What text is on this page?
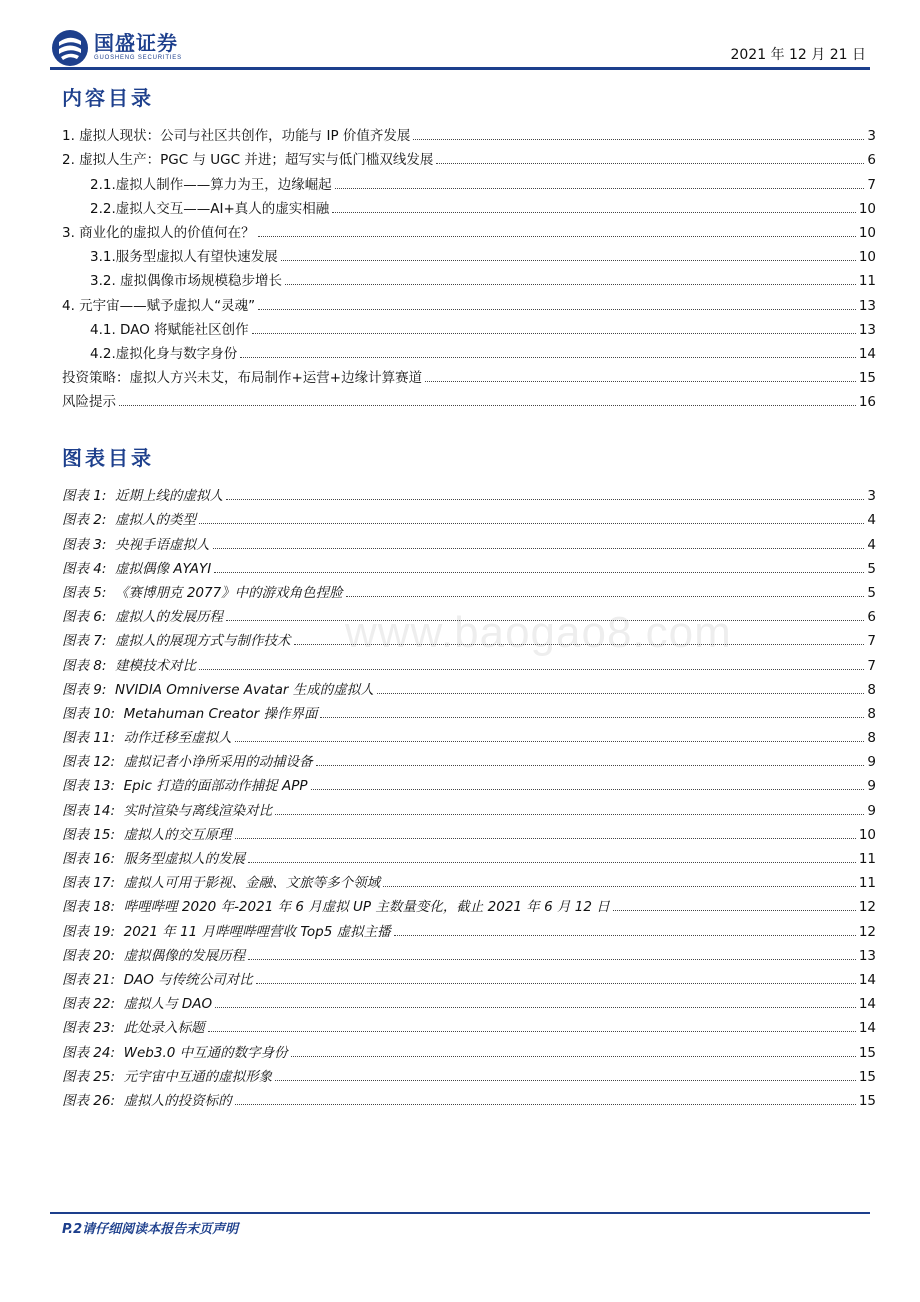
国盛证券
GUOSHENG SECURITIES	2021 年 12 月 21 日
内容目录
1. 虚拟人现状：公司与社区共创作，功能与 IP 价值齐发展	3
2. 虚拟人生产：PGC 与 UGC 并进；超写实与低门槛双线发展	6
2.1.虚拟人制作——算力为王，边缘崛起	7
2.2.虚拟人交互——AI+真人的虚实相融	10
3. 商业化的虚拟人的价值何在？	10
3.1.服务型虚拟人有望快速发展	10
3.2. 虚拟偶像市场规模稳步增长	11
4. 元宇宙——赋予虚拟人“灵魂”	13
4.1. DAO 将赋能社区创作	13
4.2.虚拟化身与数字身份	14
投资策略：虚拟人方兴未艾，布局制作+运营+边缘计算赛道	15
风险提示	16
图表目录
图表 1: 近期上线的虚拟人	3
图表 2: 虚拟人的类型	4
图表 3: 央视手语虚拟人	4
图表 4: 虚拟偶像 AYAYI	5
图表 5: 《赛博朋克 2077》中的游戏角色捏脸	5
图表 6: 虚拟人的发展历程	6
图表 7: 虚拟人的展现方式与制作技术	7
图表 8: 建模技术对比	7
图表 9: NVIDIA Omniverse Avatar 生成的虚拟人	8
图表 10: Metahuman Creator 操作界面	8
图表 11: 动作迁移至虚拟人	8
图表 12: 虚拟记者小诤所采用的动捕设备	9
图表 13: Epic 打造的面部动作捕捉 APP	9
图表 14: 实时渲染与离线渲染对比	9
图表 15: 虚拟人的交互原理	10
图表 16: 服务型虚拟人的发展	11
图表 17: 虚拟人可用于影视、金融、文旅等多个领域	11
图表 18: 哔哩哔哩 2020 年-2021 年 6 月虚拟 UP 主数量变化，截止 2021 年 6 月 12 日	12
图表 19: 2021 年 11 月哔哩哔哩营收 Top5 虚拟主播	12
图表 20: 虚拟偶像的发展历程	13
图表 21: DAO 与传统公司对比	14
图表 22: 虚拟人与 DAO	14
图表 23: 此处录入标题	14
图表 24: Web3.0 中互通的数字身份	15
图表 25: 元宇宙中互通的虚拟形象	15
图表 26: 虚拟人的投资标的	15
www.baogao8.com
P.2请仔细阅读本报告末页声明
